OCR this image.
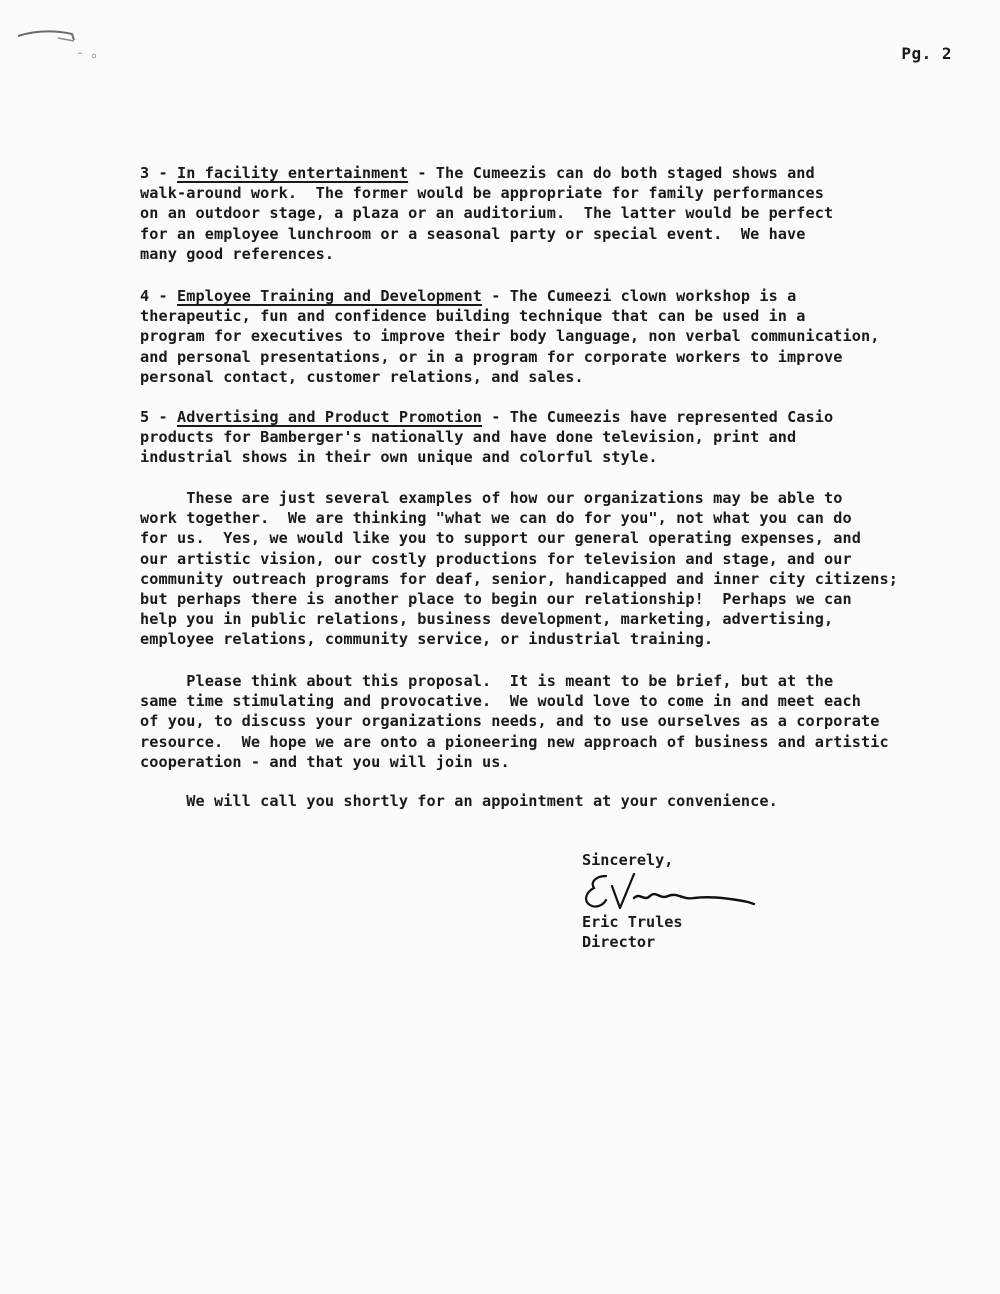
Pg. 2

3 - In facility entertainment - The Cumeezis can do both staged shows and

walk-around work.  The former would be appropriate for family performances
on an outdoor stage, a plaza or an auditorium.  The latter would be perfect
for an employee lunchroom or a seasonal party or special event.  We have
many good references.

4 - Employee Training and Development - The Cumeezi clown workshop is a

therapeutic, fun and confidence building technique that can be used in a
program for executives to improve their body language, non verbal communication,
and personal presentations, or in a program for corporate workers to improve
personal contact, customer relations, and sales.

5 - Advertising and Product Promotion - The Cumeezis have represented Casio

products for Bamberger's nationally and have done television, print and
industrial shows in their own unique and colorful style.

These are just several examples of how our organizations may be able to
work together.  We are thinking "what we can do for you", not what you can do
for us.  Yes, we would like you to support our general operating expenses, and
our artistic vision, our costly productions for television and stage, and our
community outreach programs for deaf, senior, handicapped and inner city citizens;
but perhaps there is another place to begin our relationship!  Perhaps we can
help you in public relations, business development, marketing, advertising,
employee relations, community service, or industrial training.

Please think about this proposal.  It is meant to be brief, but at the
same time stimulating and provocative.  We would love to come in and meet each
of you, to discuss your organizations needs, and to use ourselves as a corporate
resource.  We hope we are onto a pioneering new approach of business and artistic
cooperation - and that you will join us.

We will call you shortly for an appointment at your convenience.

Sincerely,
Eric Trules
Director
